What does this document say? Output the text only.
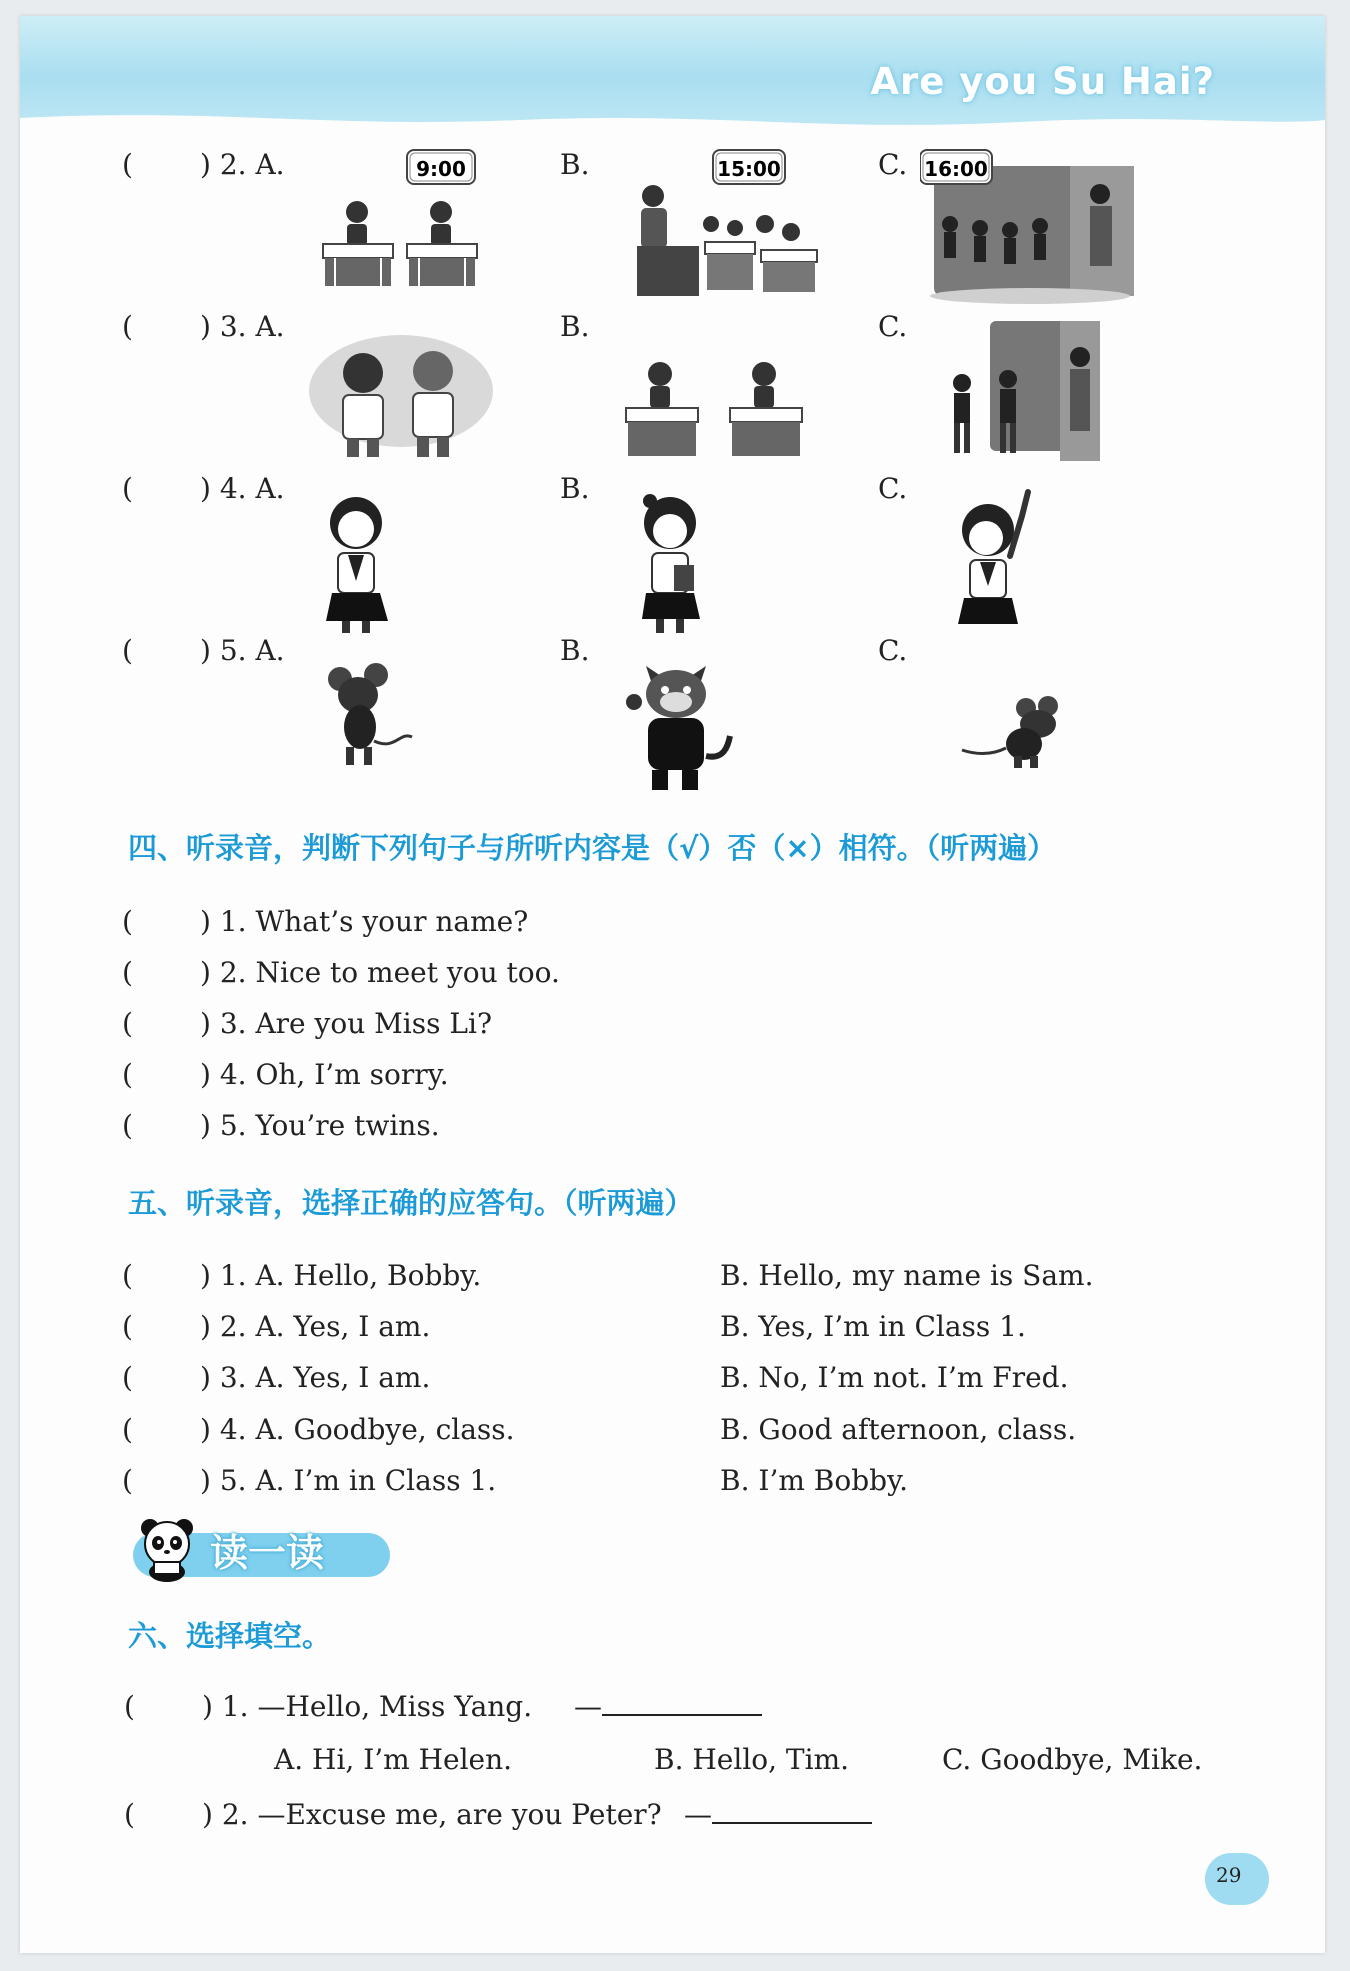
Are you Su Hai?
( ) 2. A.	B.	C.
9:00	15:00	16:00
( ) 3. A.	B.	C.
( ) 4. A.	B.	C.
( ) 5. A.	B.	C.
四、听录音，判断下列句子与所听内容是（√）否（×）相符。（听两遍）
( ) 1. What’s your name?
( ) 2. Nice to meet you too.
( ) 3. Are you Miss Li?
( ) 4. Oh, I’m sorry.
( ) 5. You’re twins.
五、听录音，选择正确的应答句。（听两遍）
( ) 1. A. Hello, Bobby.	B. Hello, my name is Sam.
( ) 2. A. Yes, I am.	B. Yes, I’m in Class 1.
( ) 3. A. Yes, I am.	B. No, I’m not. I’m Fred.
( ) 4. A. Goodbye, class.	B. Good afternoon, class.
( ) 5. A. I’m in Class 1.	B. I’m Bobby.
读一读
六、选择填空。
( ) 1. —Hello, Miss Yang. —
A. Hi, I’m Helen.	B. Hello, Tim.	C. Goodbye, Mike.
( ) 2. —Excuse me, are you Peter? —
29
